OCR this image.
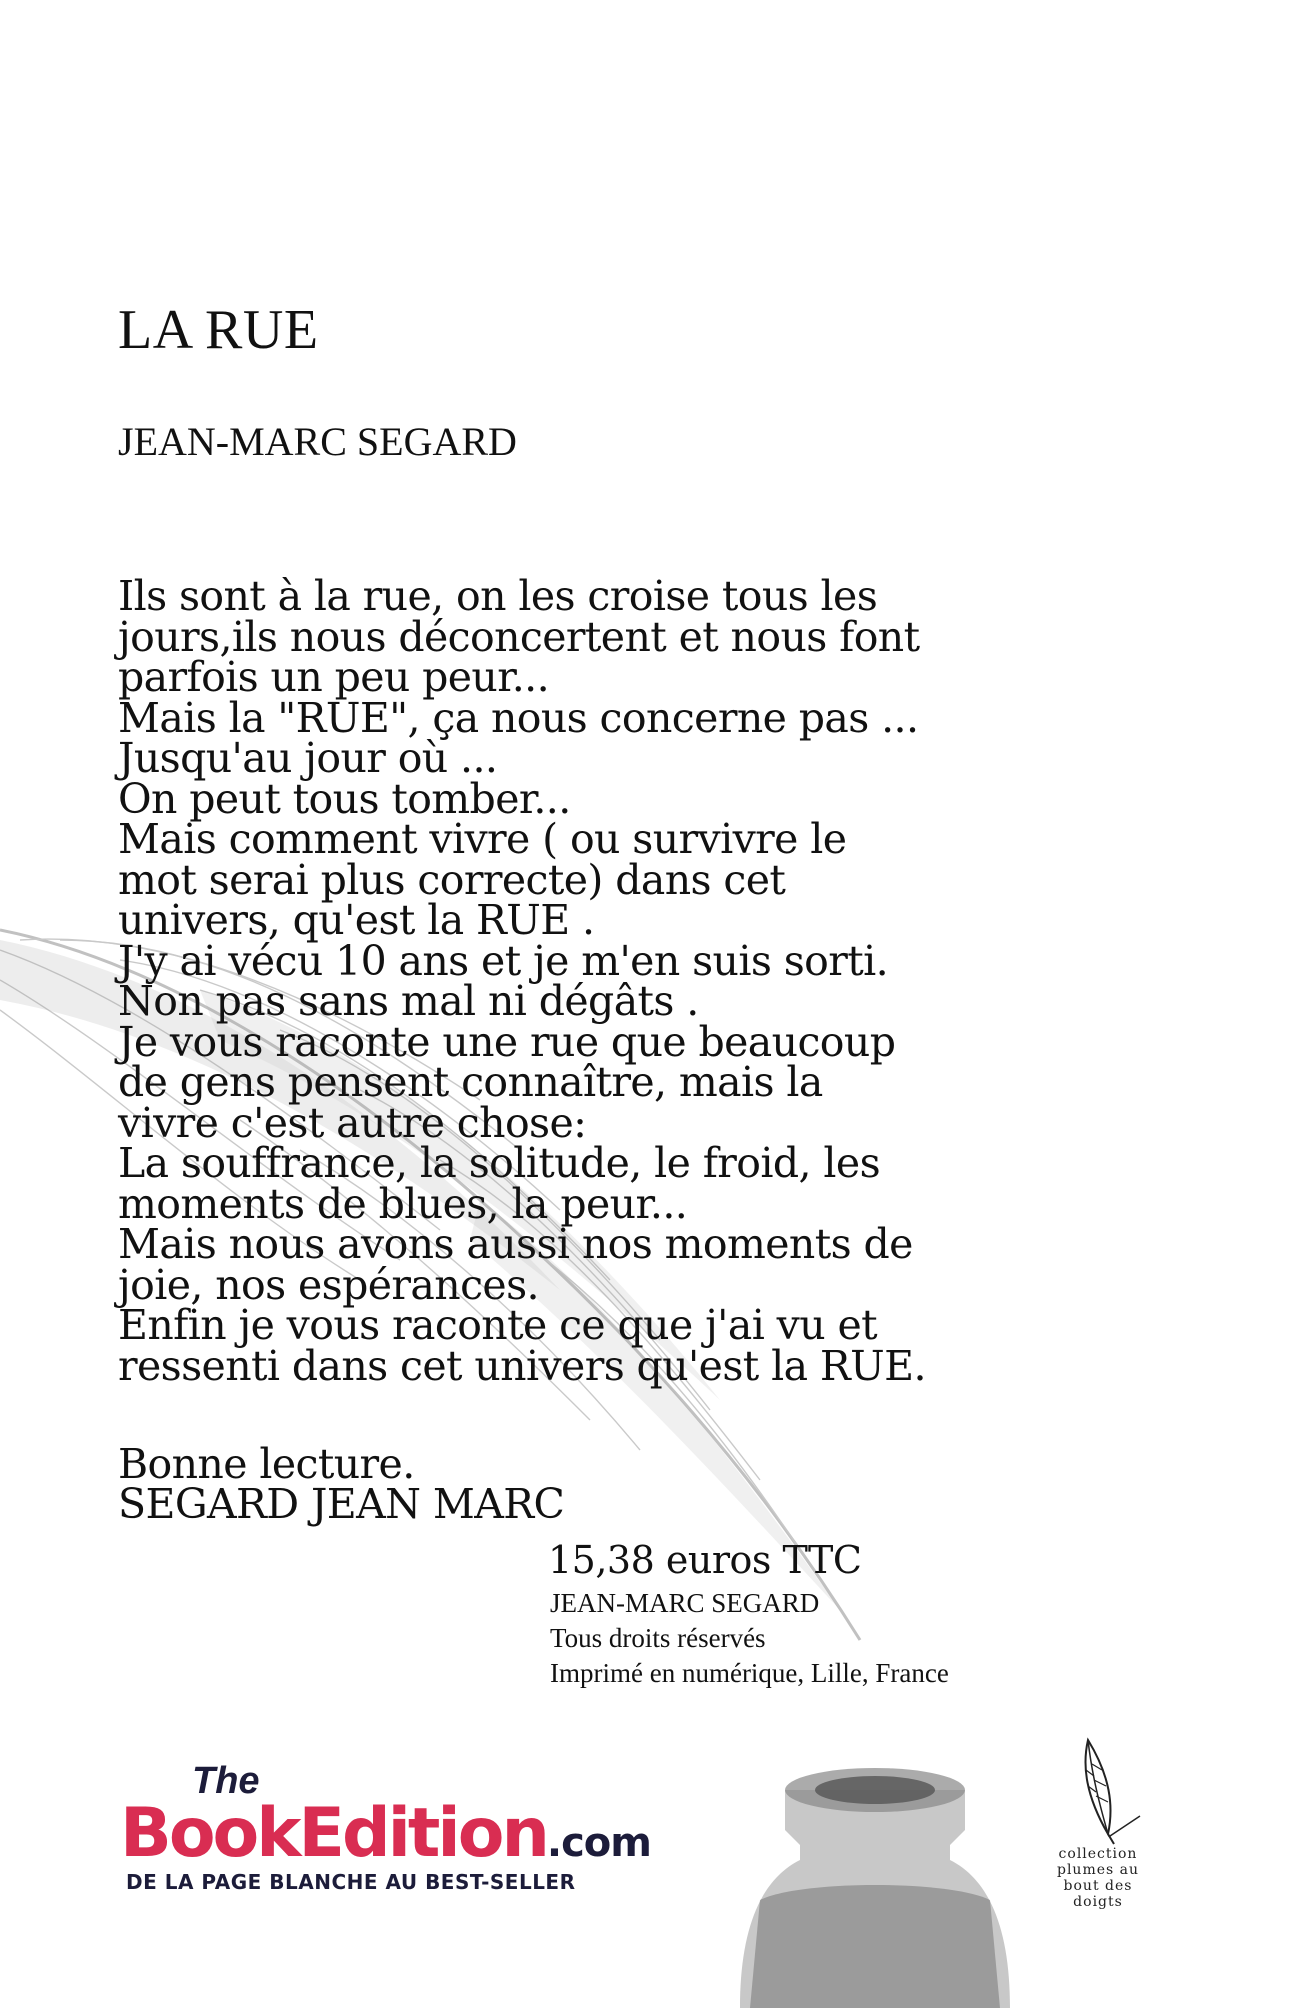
LA RUE
JEAN-MARC SEGARD

Ils sont à la rue, on les croise tous les

jours,ils nous déconcertent et nous font

parfois un peu peur...

Mais la "RUE", ça nous concerne pas ...

Jusqu'au jour où ...

On peut tous tomber...

Mais comment vivre ( ou survivre le

mot serai plus correcte) dans cet

univers, qu'est la RUE .

J'y ai vécu 10 ans et je m'en suis sorti.

Non pas sans mal ni dégâts .

Je vous raconte une rue que beaucoup

de gens pensent connaître, mais la

vivre c'est autre chose:

La souffrance, la solitude, le froid, les

moments de blues, la peur...

Mais nous avons aussi nos moments de

joie, nos espérances.

Enfin je vous raconte ce que j'ai vu et

ressenti dans cet univers qu'est la RUE.

Bonne lecture.

SEGARD JEAN MARC

15,38 euros TTC
JEAN-MARC SEGARD
Tous droits réservés
Imprimé en numérique, Lille, France
The
BookEdition.com
DE LA PAGE BLANCHE AU BEST-SELLER
collection
plumes au
bout des
doigts
